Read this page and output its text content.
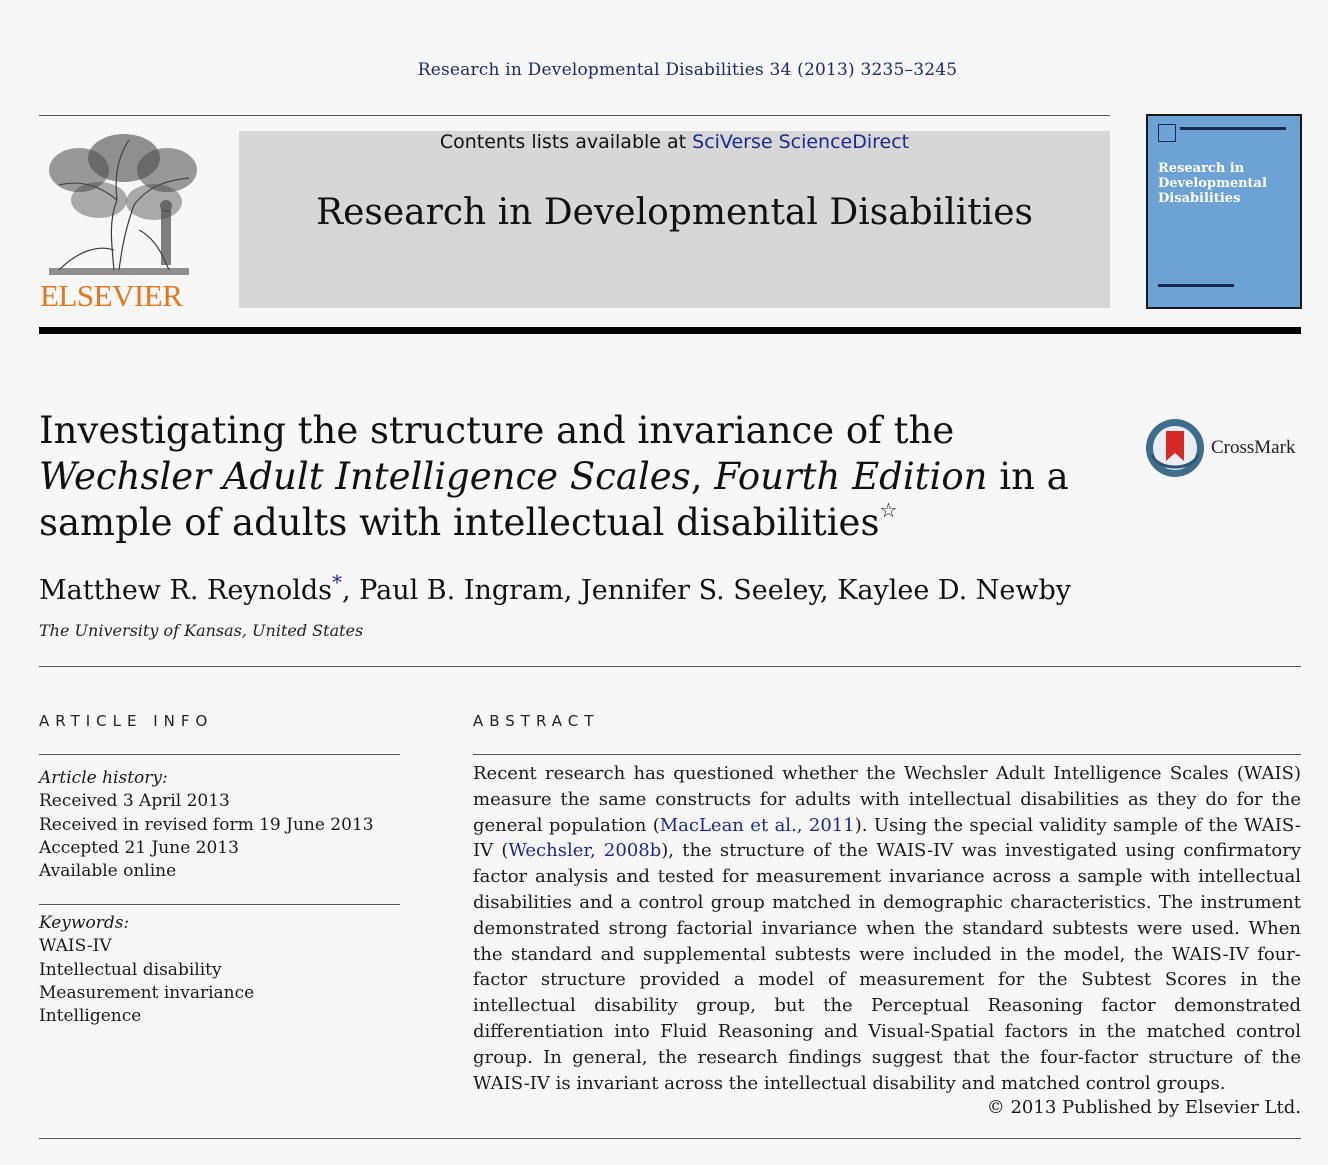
Research in Developmental Disabilities 34 (2013) 3235–3245
ELSEVIER
Contents lists available at SciVerse ScienceDirect
Research in Developmental Disabilities
Research in Developmental Disabilities
Investigating the structure and invariance of the Wechsler Adult Intelligence Scales, Fourth Edition in a sample of adults with intellectual disabilities☆
CrossMark
Matthew R. Reynolds*, Paul B. Ingram, Jennifer S. Seeley, Kaylee D. Newby
The University of Kansas, United States
ARTICLE INFO
Article history:
Received 3 April 2013
Received in revised form 19 June 2013
Accepted 21 June 2013
Available online
Keywords:
WAIS-IV
Intellectual disability
Measurement invariance
Intelligence
ABSTRACT
Recent research has questioned whether the Wechsler Adult Intelligence Scales (WAIS) measure the same constructs for adults with intellectual disabilities as they do for the general population (MacLean et al., 2011). Using the special validity sample of the WAIS-IV (Wechsler, 2008b), the structure of the WAIS-IV was investigated using confirmatory factor analysis and tested for measurement invariance across a sample with intellectual disabilities and a control group matched in demographic characteristics. The instrument demonstrated strong factorial invariance when the standard subtests were used. When the standard and supplemental subtests were included in the model, the WAIS-IV four-factor structure provided a model of measurement for the Subtest Scores in the intellectual disability group, but the Perceptual Reasoning factor demonstrated differentiation into Fluid Reasoning and Visual-Spatial factors in the matched control group. In general, the research findings suggest that the four-factor structure of the WAIS-IV is invariant across the intellectual disability and matched control groups.
© 2013 Published by Elsevier Ltd.
